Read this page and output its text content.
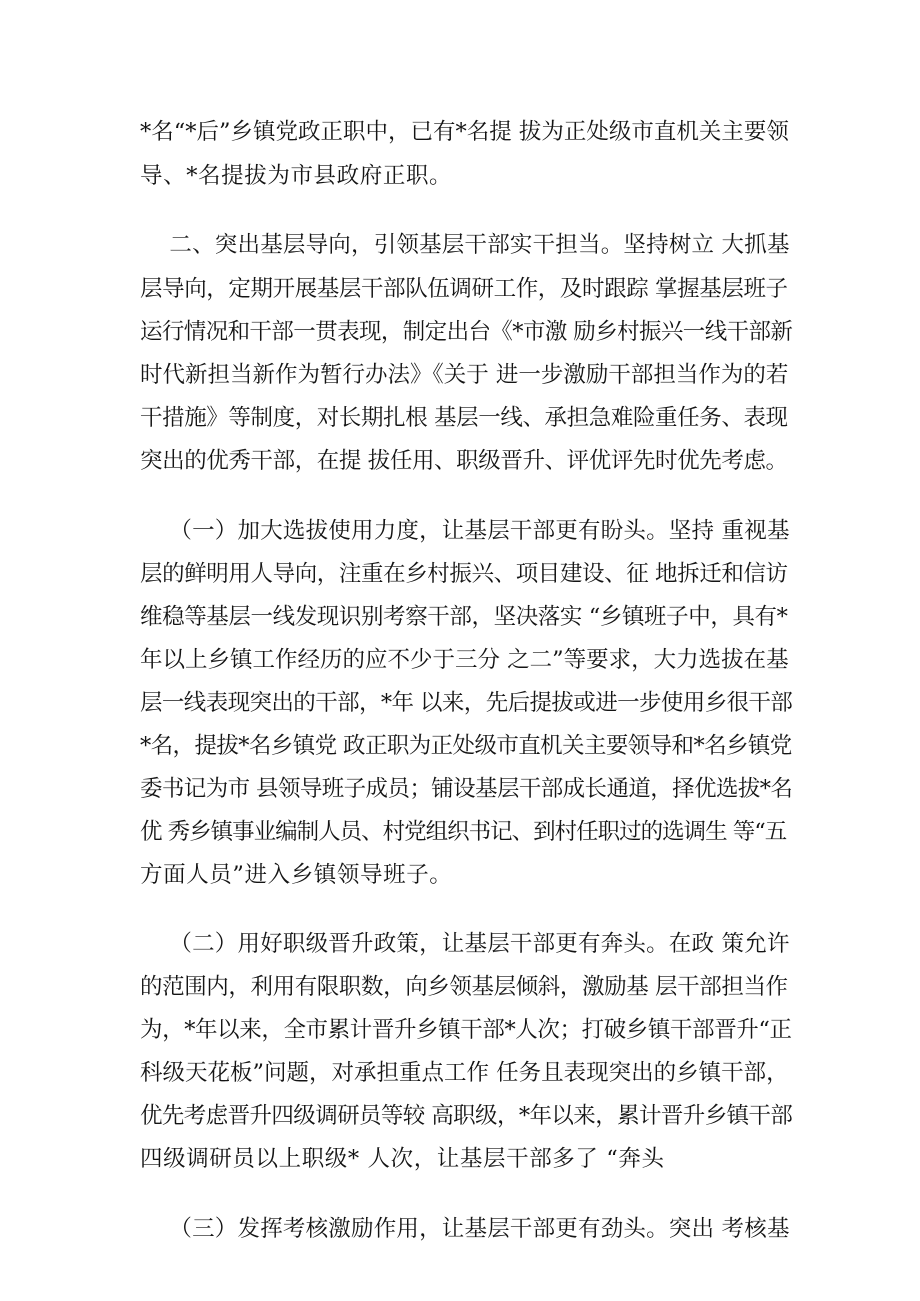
*名“*后”乡镇党政正职中，已有*名提 拔为正处级市直机关主要领
导、*名提拔为市县政府正职。
二、突出基层导向，引领基层干部实干担当。坚持树立 大抓基
层导向，定期开展基层干部队伍调研工作，及时跟踪 掌握基层班子
运行情况和干部一贯表现，制定出台《*市激 励乡村振兴一线干部新
时代新担当新作为暂行办法》《关于 进一步激励干部担当作为的若
干措施》等制度，对长期扎根 基层一线、承担急难险重任务、表现
突出的优秀干部，在提 拔任用、职级晋升、评优评先时优先考虑。
（一）加大选拔使用力度，让基层干部更有盼头。坚持 重视基
层的鲜明用人导向，注重在乡村振兴、项目建设、征 地拆迁和信访
维稳等基层一线发现识别考察干部，坚决落实 “乡镇班子中，具有*
年以上乡镇工作经历的应不少于三分 之二”等要求，大力选拔在基
层一线表现突出的干部，*年 以来，先后提拔或进一步使用乡很干部
*名，提拔*名乡镇党 政正职为正处级市直机关主要领导和*名乡镇党
委书记为市 县领导班子成员；铺设基层干部成长通道，择优选拔*名
优 秀乡镇事业编制人员、村党组织书记、到村任职过的选调生 等“五
方面人员”进入乡镇领导班子。
（二）用好职级晋升政策，让基层干部更有奔头。在政 策允许
的范围内，利用有限职数，向乡领基层倾斜，激励基 层干部担当作
为，*年以来，全市累计晋升乡镇干部*人次；打破乡镇干部晋升“正
科级天花板”问题，对承担重点工作 任务且表现突出的乡镇干部，
优先考虑晋升四级调研员等较 高职级，*年以来，累计晋升乡镇干部
四级调研员以上职级* 人次，让基层干部多了 “奔头
（三）发挥考核激励作用，让基层干部更有劲头。突出 考核基
